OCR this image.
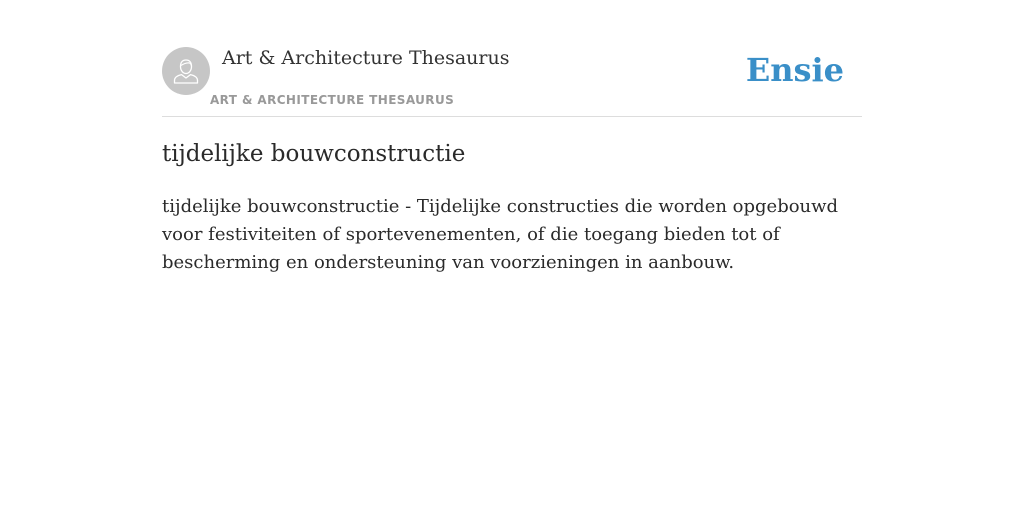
Art & Architecture Thesaurus
ART & ARCHITECTURE THESAURUS
Ensie
tijdelijke bouwconstructie

tijdelijke bouwconstructie - Tijdelijke constructies die worden opgebouwd voor festiviteiten of sportevenementen, of die toegang bieden tot of bescherming en ondersteuning van voorzieningen in aanbouw.
